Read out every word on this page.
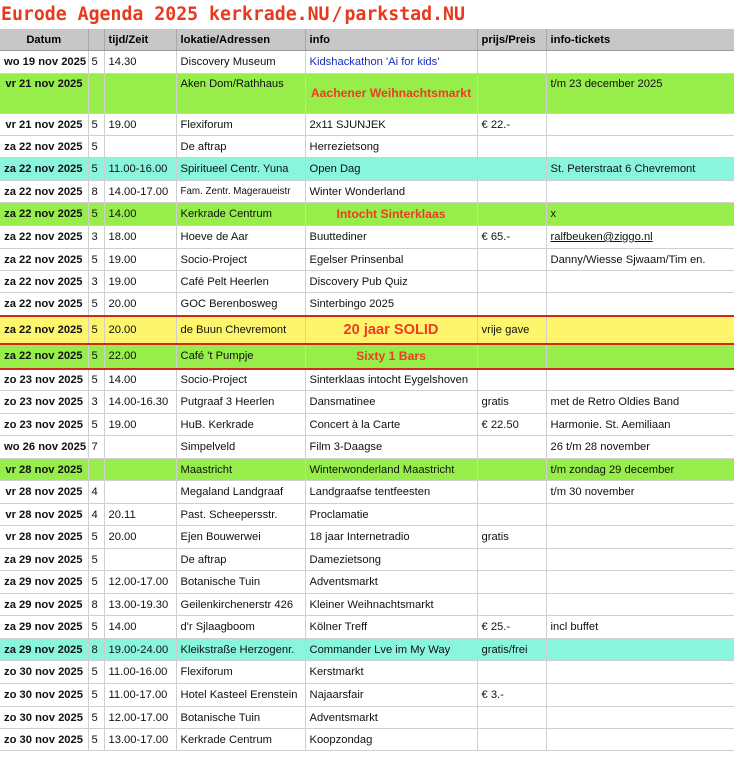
Eurode Agenda 2025 kerkrade.NU / parkstad.NU
Datum		tijd/Zeit	lokatie/Adressen	info	prijs/Preis	info-tickets
wo 19 nov 2025	5	14.30	Discovery Museum	Kidshackathon 'Ai for kids'		
vr 21 nov 2025			Aken Dom/Rathhaus	Aachener Weihnachtsmarkt		t/m 23 december 2025
vr 21 nov 2025	5	19.00	Flexiforum	2x11 SJUNJEK	€ 22.-	
za 22 nov 2025	5		De aftrap	Herrezietsong		
za 22 nov 2025	5	11.00-16.00	Spiritueel Centr. Yuna	Open Dag		St. Peterstraat 6 Chevremont
za 22 nov 2025	8	14.00-17.00	Fam. Zentr. Mageraueistr	Winter Wonderland		
za 22 nov 2025	5	14.00	Kerkrade Centrum	Intocht Sinterklaas		x
za 22 nov 2025	3	18.00	Hoeve de Aar	Buuttediner	€ 65.-	ralfbeuken@ziggo.nl
za 22 nov 2025	5	19.00	Socio-Project	Egelser Prinsenbal		Danny/Wiesse Sjwaam/Tim en.
za 22 nov 2025	3	19.00	Café Pelt Heerlen	Discovery Pub Quiz		
za 22 nov 2025	5	20.00	GOC Berenbosweg	Sinterbingo 2025		
za 22 nov 2025	5	20.00	de Buun Chevremont	20 jaar SOLID	vrije gave	
za 22 nov 2025	5	22.00	Café 't Pumpje	Sixty 1 Bars		
zo 23 nov 2025	5	14.00	Socio-Project	Sinterklaas intocht Eygelshoven		
zo 23 nov 2025	3	14.00-16.30	Putgraaf 3 Heerlen	Dansmatinee	gratis	met de Retro Oldies Band
zo 23 nov 2025	5	19.00	HuB. Kerkrade	Concert à la Carte	€ 22.50	Harmonie. St. Aemiliaan
wo 26 nov 2025	7		Simpelveld	Film 3-Daagse		26 t/m 28 november
vr 28 nov 2025			Maastricht	Winterwonderland Maastricht		t/m zondag 29 december
vr 28 nov 2025	4		Megaland Landgraaf	Landgraafse tentfeesten		t/m 30 november
vr 28 nov 2025	4	20.11	Past. Scheepersstr.	Proclamatie		
vr 28 nov 2025	5	20.00	Ejen Bouwerwei	18 jaar Internetradio	gratis	
za 29 nov 2025	5		De aftrap	Damezietsong		
za 29 nov 2025	5	12.00-17.00	Botanische Tuin	Adventsmarkt		
za 29 nov 2025	8	13.00-19.30	Geilenkirchenerstr 426	Kleiner Weihnachtsmarkt		
za 29 nov 2025	5	14.00	d'r Sjlaagboom	Kölner Treff	€ 25.-	incl buffet
za 29 nov 2025	8	19.00-24.00	Kleikstraße Herzogenr.	Commander Lve im My Way	gratis/frei	
zo 30 nov 2025	5	11.00-16.00	Flexiforum	Kerstmarkt		
zo 30 nov 2025	5	11.00-17.00	Hotel Kasteel Erenstein	Najaarsfair	€ 3.-	
zo 30 nov 2025	5	12.00-17.00	Botanische Tuin	Adventsmarkt		
zo 30 nov 2025	5	13.00-17.00	Kerkrade Centrum	Koopzondag		
